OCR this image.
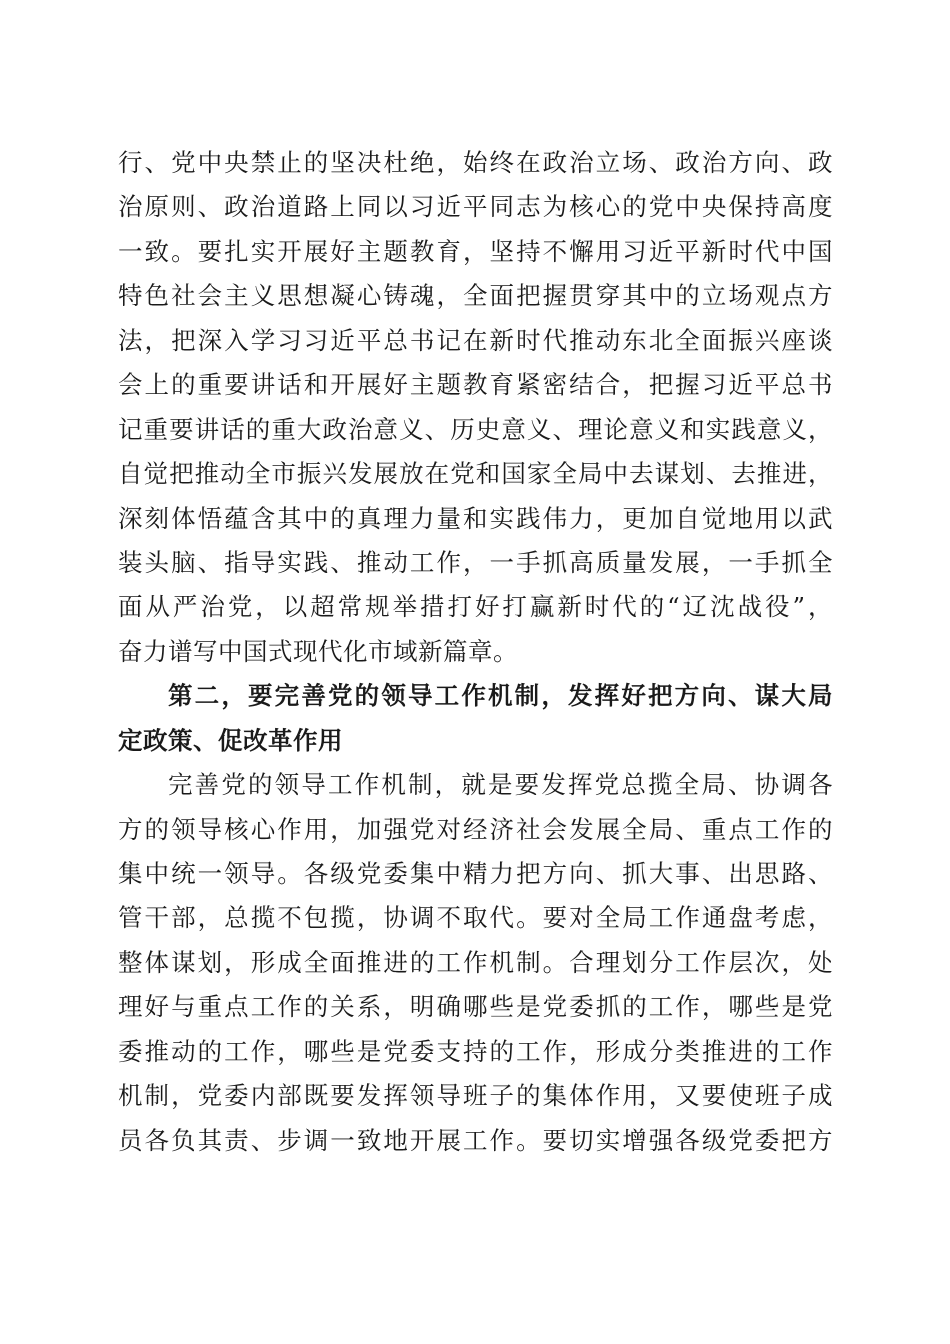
行、党中央禁止的坚决杜绝，始终在政治立场、政治方向、政
治原则、政治道路上同以习近平同志为核心的党中央保持高度
一致。要扎实开展好主题教育，坚持不懈用习近平新时代中国
特色社会主义思想凝心铸魂，全面把握贯穿其中的立场观点方
法，把深入学习习近平总书记在新时代推动东北全面振兴座谈
会上的重要讲话和开展好主题教育紧密结合，把握习近平总书
记重要讲话的重大政治意义、历史意义、理论意义和实践意义，
自觉把推动全市振兴发展放在党和国家全局中去谋划、去推进，
深刻体悟蕴含其中的真理力量和实践伟力，更加自觉地用以武
装头脑、指导实践、推动工作，一手抓高质量发展，一手抓全
面从严治党，以超常规举措打好打赢新时代的“辽沈战役”，
奋力谱写中国式现代化市域新篇章。
第二，要完善党的领导工作机制，发挥好把方向、谋大局
定政策、促改革作用
完善党的领导工作机制，就是要发挥党总揽全局、协调各
方的领导核心作用，加强党对经济社会发展全局、重点工作的
集中统一领导。各级党委集中精力把方向、抓大事、出思路、
管干部，总揽不包揽，协调不取代。要对全局工作通盘考虑，
整体谋划，形成全面推进的工作机制。合理划分工作层次，处
理好与重点工作的关系，明确哪些是党委抓的工作，哪些是党
委推动的工作，哪些是党委支持的工作，形成分类推进的工作
机制，党委内部既要发挥领导班子的集体作用，又要使班子成
员各负其责、步调一致地开展工作。要切实增强各级党委把方
